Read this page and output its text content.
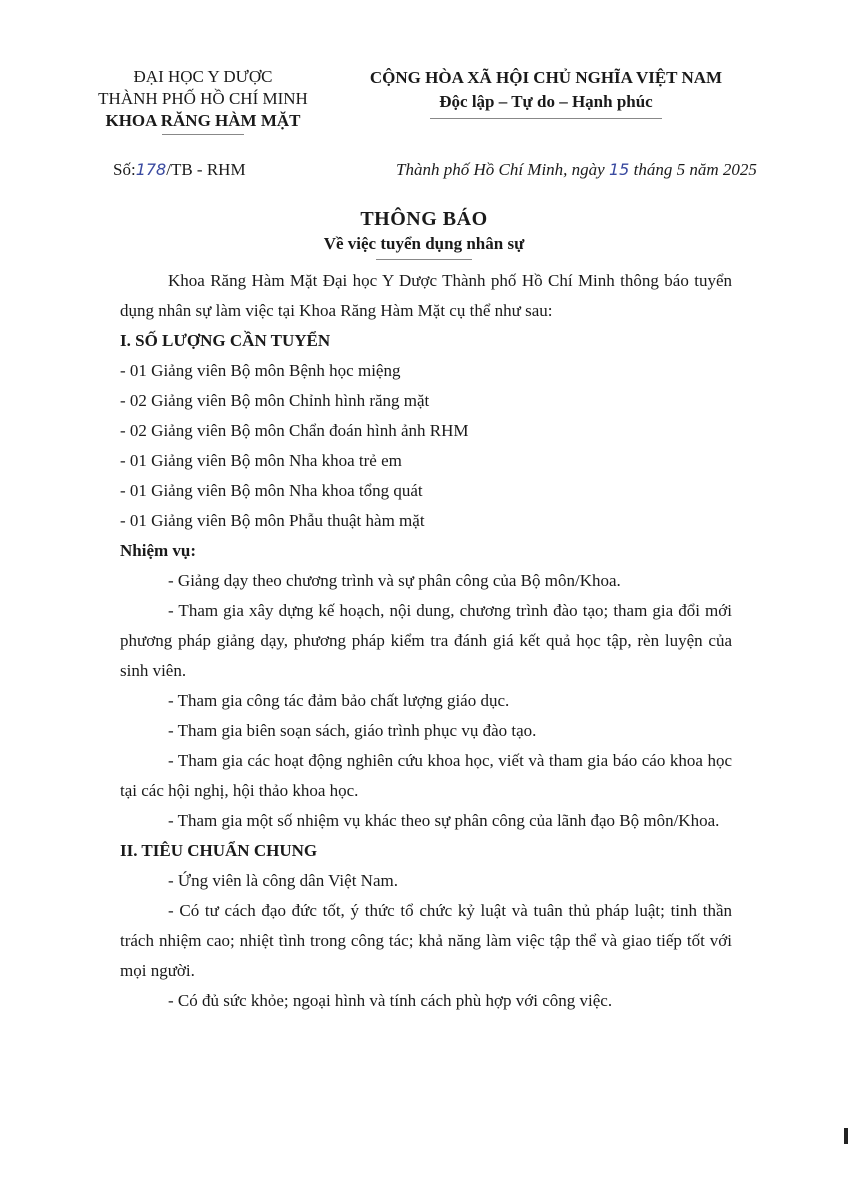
ĐẠI HỌC Y DƯỢC
THÀNH PHỐ HỒ CHÍ MINH
KHOA RĂNG HÀM MẶT
CỘNG HÒA XÃ HỘI CHỦ NGHĨA VIỆT NAM
Độc lập – Tự do – Hạnh phúc
Số:178/TB - RHM	Thành phố Hồ Chí Minh, ngày 15 tháng 5 năm 2025
THÔNG BÁO
Về việc tuyển dụng nhân sự

Khoa Răng Hàm Mặt Đại học Y Dược Thành phố Hồ Chí Minh thông báo tuyển dụng nhân sự làm việc tại Khoa Răng Hàm Mặt cụ thể như sau:

I. SỐ LƯỢNG CẦN TUYỂN

- 01 Giảng viên Bộ môn Bệnh học miệng

- 02 Giảng viên Bộ môn Chỉnh hình răng mặt

- 02 Giảng viên Bộ môn Chẩn đoán hình ảnh RHM

- 01 Giảng viên Bộ môn Nha khoa trẻ em

- 01 Giảng viên Bộ môn Nha khoa tổng quát

- 01 Giảng viên Bộ môn Phẫu thuật hàm mặt

Nhiệm vụ:

- Giảng dạy theo chương trình và sự phân công của Bộ môn/Khoa.

- Tham gia xây dựng kế hoạch, nội dung, chương trình đào tạo; tham gia đổi mới phương pháp giảng dạy, phương pháp kiểm tra đánh giá kết quả học tập, rèn luyện của sinh viên.

- Tham gia công tác đảm bảo chất lượng giáo dục.

- Tham gia biên soạn sách, giáo trình phục vụ đào tạo.

- Tham gia các hoạt động nghiên cứu khoa học, viết và tham gia báo cáo khoa học tại các hội nghị, hội thảo khoa học.

- Tham gia một số nhiệm vụ khác theo sự phân công của lãnh đạo Bộ môn/Khoa.

II. TIÊU CHUẨN CHUNG

- Ứng viên là công dân Việt Nam.

- Có tư cách đạo đức tốt, ý thức tổ chức kỷ luật và tuân thủ pháp luật; tinh thần trách nhiệm cao; nhiệt tình trong công tác; khả năng làm việc tập thể và giao tiếp tốt với mọi người.

- Có đủ sức khỏe; ngoại hình và tính cách phù hợp với công việc.
